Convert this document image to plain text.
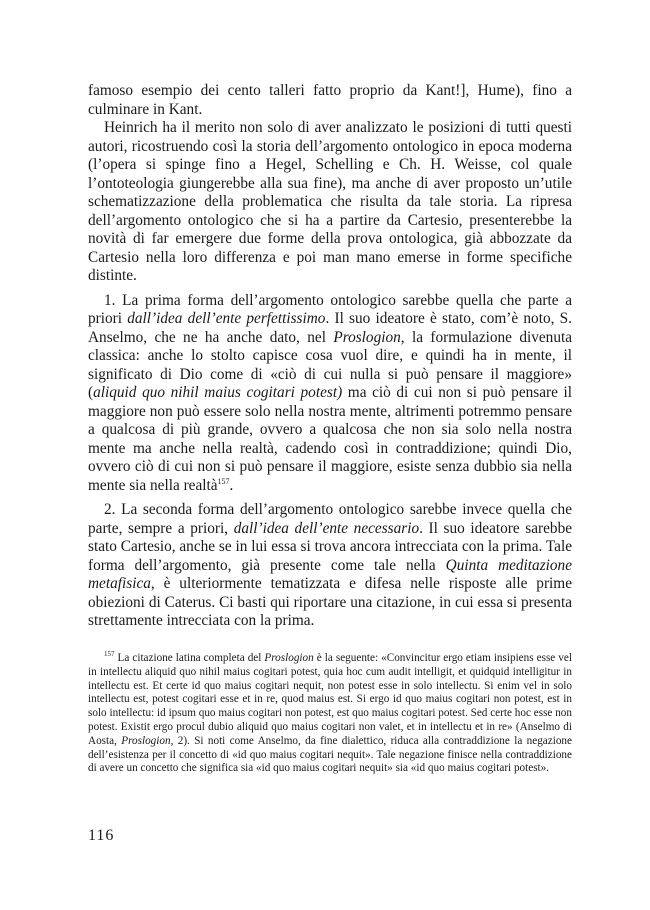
famoso esempio dei cento talleri fatto proprio da Kant!], Hume), fino a culminare in Kant.

Heinrich ha il merito non solo di aver analizzato le posizioni di tutti questi autori, ricostruendo così la storia dell’argomento ontologico in epoca moderna (l’opera si spinge fino a Hegel, Schelling e Ch. H. Weisse, col quale l’ontoteologia giungerebbe alla sua fine), ma anche di aver proposto un’utile schematizzazione della problematica che risulta da tale storia. La ripresa dell’argomento ontologico che si ha a partire da Cartesio, presenterebbe la novità di far emergere due forme della prova ontologica, già abbozzate da Cartesio nella loro differenza e poi man mano emerse in forme specifiche distinte.

1. La prima forma dell’argomento ontologico sarebbe quella che parte a priori dall’idea dell’ente perfettissimo. Il suo ideatore è stato, com’è noto, S. Anselmo, che ne ha anche dato, nel Proslogion, la formulazione divenuta classica: anche lo stolto capisce cosa vuol dire, e quindi ha in mente, il significato di Dio come di «ciò di cui nulla si può pensare il maggiore» (aliquid quo nihil maius cogitari potest) ma ciò di cui non si può pensare il maggiore non può essere solo nella nostra mente, altrimenti potremmo pensare a qualcosa di più grande, ovvero a qualcosa che non sia solo nella nostra mente ma anche nella realtà, cadendo così in contraddizione; quindi Dio, ovvero ciò di cui non si può pensare il maggiore, esiste senza dubbio sia nella mente sia nella realtà$^{157}$.

2. La seconda forma dell’argomento ontologico sarebbe invece quella che parte, sempre a priori, dall’idea dell’ente necessario. Il suo ideatore sarebbe stato Cartesio, anche se in lui essa si trova ancora intrecciata con la prima. Tale forma dell’argomento, già presente come tale nella Quinta meditazione metafisica, è ulteriormente tematizzata e difesa nelle risposte alle prime obiezioni di Caterus. Ci basti qui riportare una citazione, in cui essa si presenta strettamente intrecciata con la prima.

$^{157}$ La citazione latina completa del Proslogion è la seguente: «Convincitur ergo etiam insipiens esse vel in intellectu aliquid quo nihil maius cogitari potest, quia hoc cum audit intelligit, et quidquid intelligitur in intellectu est. Et certe id quo maius cogitari nequit, non potest esse in solo intellectu. Si enim vel in solo intellectu est, potest cogitari esse et in re, quod maius est. Si ergo id quo maius cogitari non potest, est in solo intellectu: id ipsum quo maius cogitari non potest, est quo maius cogitari potest. Sed certe hoc esse non potest. Existit ergo procul dubio aliquid quo maius cogitari non valet, et in intellectu et in re» (Anselmo di Aosta, Proslogion, 2). Si noti come Anselmo, da fine dialettico, riduca alla contraddizione la negazione dell’esistenza per il concetto di «id quo maius cogitari nequit». Tale negazione finisce nella contraddizione di avere un concetto che significa sia «id quo maius cogitari nequit» sia «id quo maius cogitari potest».

116
